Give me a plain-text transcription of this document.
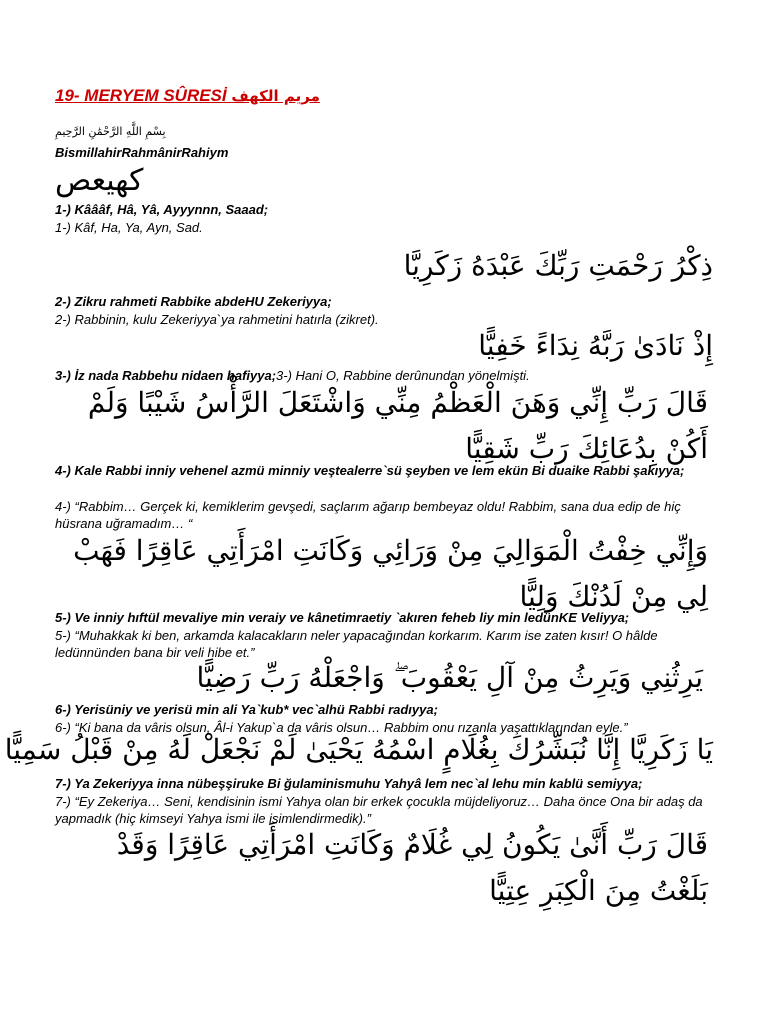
19- MERYEM SÛRESİ مريم الكهف
بِسْمِ اللَّهِ الرَّحْمَٰنِ الرَّحِيمِ
BismillahirRahmânirRahiym
كهيعص
1-) Kâââf, Hâ, Yâ, Ayyynnn, Saaad;
1-) Kâf, Ha, Ya, Ayn, Sad.
ذِكْرُ رَحْمَتِ رَبِّكَ عَبْدَهُ زَكَرِيَّا
2-) Zikru rahmeti Rabbike abdeHU Zekeriyya;
2-) Rabbinin, kulu Zekeriyya`ya rahmetini hatırla (zikret).
إِذْ نَادَىٰ رَبَّهُ نِدَاءً خَفِيًّا
3-) İz nada Rabbehu nidaen hafiyya;3-) Hani O, Rabbine derûnundan yönelmişti.
قَالَ رَبِّ إِنِّي وَهَنَ الْعَظْمُ مِنِّي وَاشْتَعَلَ الرَّأْسُ شَيْبًا وَلَمْ أَكُنْ بِدُعَائِكَ رَبِّ شَقِيًّا
4-) Kale Rabbi inniy vehenel azmü minniy veştealerre`sü şeyben ve lem ekün Bi duaike Rabbi şakıyya;
4-) “Rabbim… Gerçek ki, kemiklerim gevşedi, saçlarım ağarıp bembeyaz oldu! Rabbim, sana dua edip de hiç hüsrana uğramadım… “
وَإِنِّي خِفْتُ الْمَوَالِيَ مِنْ وَرَائِي وَكَانَتِ امْرَأَتِي عَاقِرًا فَهَبْ لِي مِنْ لَدُنْكَ وَلِيًّا
5-) Ve inniy hıftül mevaliye min veraiy ve kânetimraetiy `akıren feheb liy min ledünKE Veliyya;
5-) “Muhakkak ki ben, arkamda kalacakların neler yapacağından korkarım. Karım ise zaten kısır! O hâlde ledünnünden bana bir veli hibe et.”
يَرِثُنِي وَيَرِثُ مِنْ آلِ يَعْقُوبَ ۖ وَاجْعَلْهُ رَبِّ رَضِيًّا
6-) Yerisüniy ve yerisü min ali Ya`kub* vec`alhü Rabbi radıyya;
6-) “Ki bana da vâris olsun, Âl-i Yakup`a da vâris olsun… Rabbim onu rızanla yaşattıklarından eyle.”
يَا زَكَرِيَّا إِنَّا نُبَشِّرُكَ بِغُلَامٍ اسْمُهُ يَحْيَىٰ لَمْ نَجْعَلْ لَهُ مِنْ قَبْلُ سَمِيًّا
7-) Ya Zekeriyya inna nübeşşiruke Bi ğulaminismuhu Yahyâ lem nec`al lehu min kablü semiyya;
7-) “Ey Zekeriya… Seni, kendisinin ismi Yahya olan bir erkek çocukla müjdeliyoruz… Daha önce Ona bir adaş da yapmadık (hiç kimseyi Yahya ismi ile isimlendirmedik).”
قَالَ رَبِّ أَنَّىٰ يَكُونُ لِي غُلَامٌ وَكَانَتِ امْرَأَتِي عَاقِرًا وَقَدْ بَلَغْتُ مِنَ الْكِبَرِ عِتِيًّا
